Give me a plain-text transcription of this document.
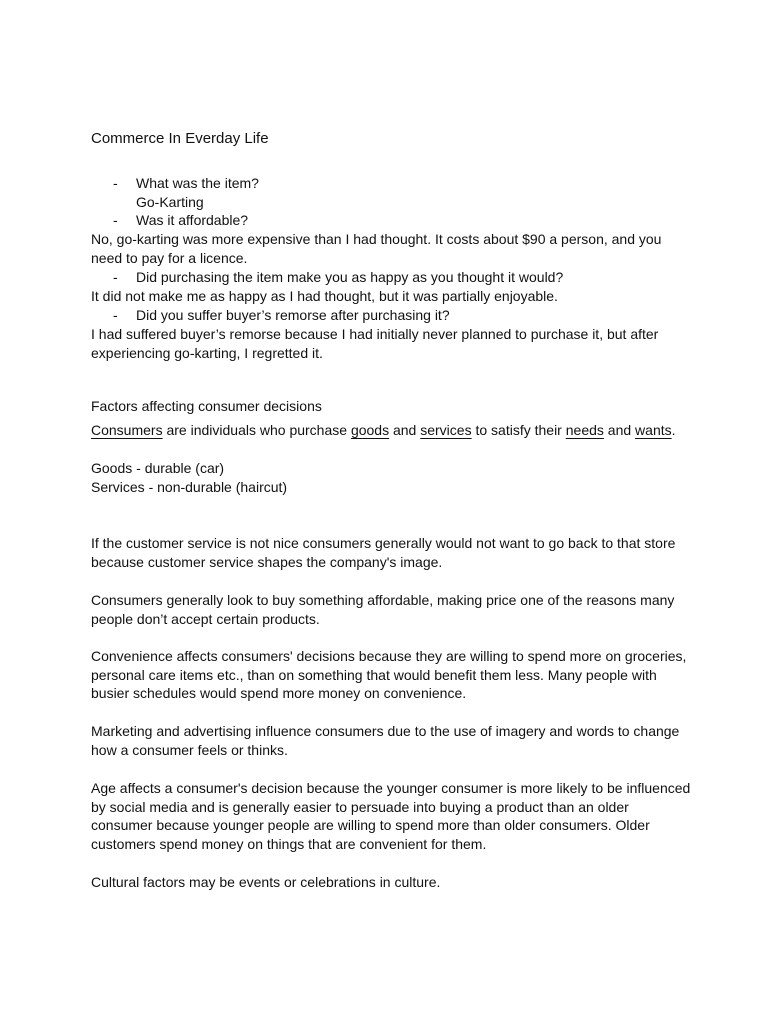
Commerce In Everday Life
- What was the item?
Go-Karting
- Was it affordable?

No, go-karting was more expensive than I had thought. It costs about $90 a person, and you need to pay for a licence.

- Did purchasing the item make you as happy as you thought it would?

It did not make me as happy as I had thought, but it was partially enjoyable.

- Did you suffer buyer’s remorse after purchasing it?

I had suffered buyer’s remorse because I had initially never planned to purchase it, but after experiencing go-karting, I regretted it.

Factors affecting consumer decisions

Consumers are individuals who purchase goods and services to satisfy their needs and wants.

Goods - durable (car)

Services - non-durable (haircut)

If the customer service is not nice consumers generally would not want to go back to that store because customer service shapes the company's image.

Consumers generally look to buy something affordable, making price one of the reasons many people don’t accept certain products.

Convenience affects consumers' decisions because they are willing to spend more on groceries, personal care items etc., than on something that would benefit them less. Many people with busier schedules would spend more money on convenience.

Marketing and advertising influence consumers due to the use of imagery and words to change how a consumer feels or thinks.

Age affects a consumer's decision because the younger consumer is more likely to be influenced by social media and is generally easier to persuade into buying a product than an older consumer because younger people are willing to spend more than older consumers. Older customers spend money on things that are convenient for them.

Cultural factors may be events or celebrations in culture.
